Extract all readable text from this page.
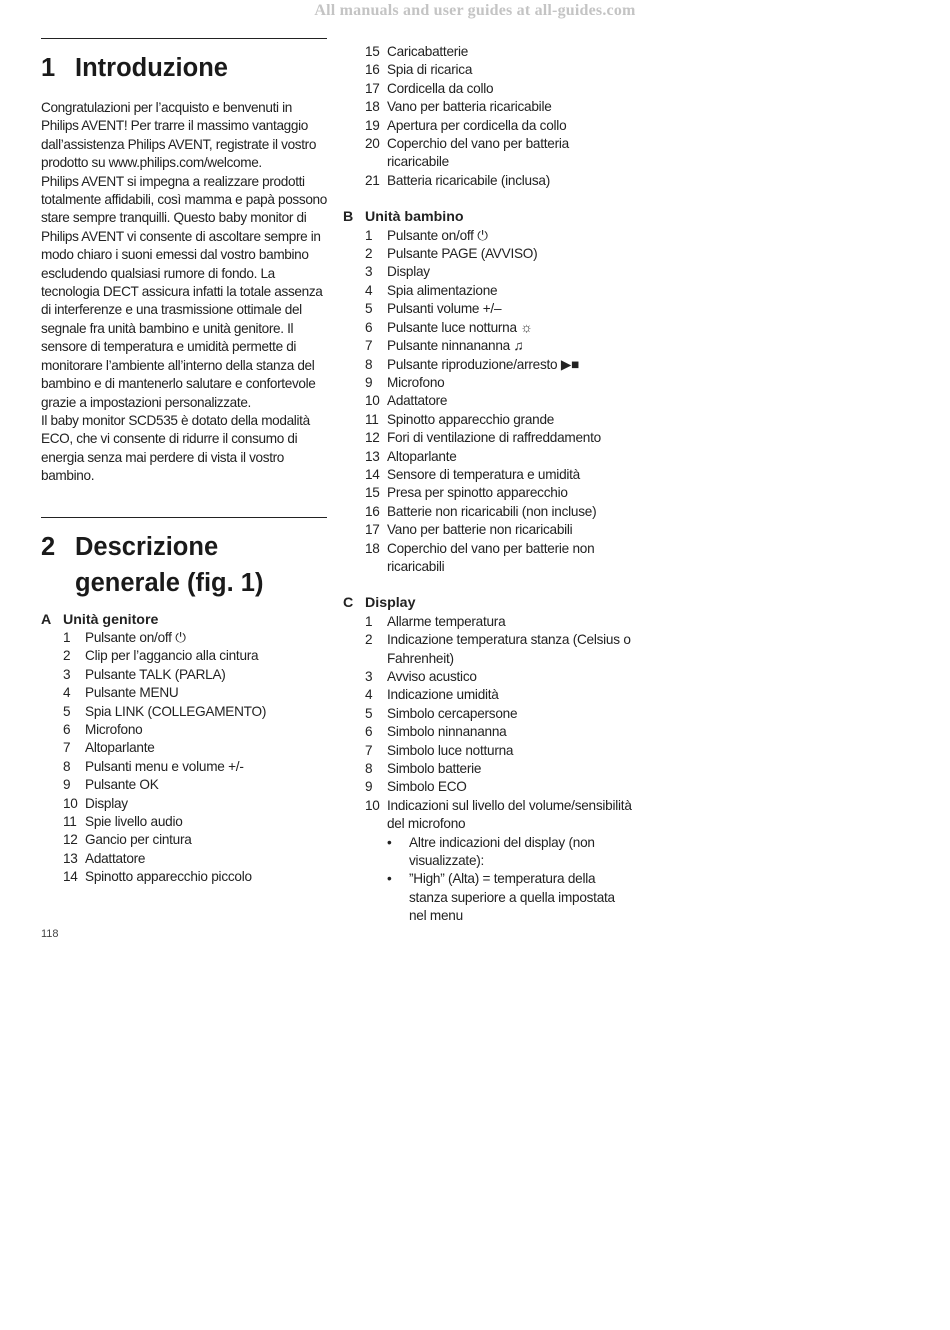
All manuals and user guides at all-guides.com
1 Introduzione

Congratulazioni per l’acquisto e benvenuti in Philips AVENT! Per trarre il massimo vantaggio dall’assistenza Philips AVENT, registrate il vostro prodotto su www.philips.com/welcome.

Philips AVENT si impegna a realizzare prodotti totalmente affidabili, così mamma e papà possono stare sempre tranquilli. Questo baby monitor di Philips AVENT vi consente di ascoltare sempre in modo chiaro i suoni emessi dal vostro bambino escludendo qualsiasi rumore di fondo. La tecnologia DECT assicura infatti la totale assenza di interferenze e una trasmissione ottimale del segnale fra unità bambino e unità genitore. Il sensore di temperatura e umidità permette di monitorare l’ambiente all’interno della stanza del bambino e di mantenerlo salutare e confortevole grazie a impostazioni personalizzate.

Il baby monitor SCD535 è dotato della modalità ECO, che vi consente di ridurre il consumo di energia senza mai perdere di vista il vostro bambino.

2 Descrizione generale (fig. 1)
A Unità genitore
1	Pulsante on/off ⏻
2	Clip per l’aggancio alla cintura
3	Pulsante TALK (PARLA)
4	Pulsante MENU
5	Spia LINK (COLLEGAMENTO)
6	Microfono
7	Altoparlante
8	Pulsanti menu e volume +/-
9	Pulsante OK
10 Display
11 Spie livello audio
12 Gancio per cintura
13 Adattatore
14 Spinotto apparecchio piccolo
15 Caricabatterie
16 Spia di ricarica
17 Cordicella da collo
18 Vano per batteria ricaricabile
19 Apertura per cordicella da collo
20 Coperchio del vano per batteria ricaricabile
21 Batteria ricaricabile (inclusa)
B Unità bambino
1	Pulsante on/off ⏻
2	Pulsante PAGE (AVVISO)
3	Display
4	Spia alimentazione
5	Pulsanti volume +/–
6	Pulsante luce notturna ☼
7	Pulsante ninnananna ♫
8	Pulsante riproduzione/arresto ▶■
9	Microfono
10 Adattatore
11 Spinotto apparecchio grande
12 Fori di ventilazione di raffreddamento
13 Altoparlante
14 Sensore di temperatura e umidità
15 Presa per spinotto apparecchio
16 Batterie non ricaricabili (non incluse)
17 Vano per batterie non ricaricabili
18 Coperchio del vano per batterie non ricaricabili
C Display
1	Allarme temperatura
2	Indicazione temperatura stanza (Celsius o Fahrenheit)
3	Avviso acustico
4	Indicazione umidità
5	Simbolo cercapersone
6	Simbolo ninnananna
7	Simbolo luce notturna
8	Simbolo batterie
9	Simbolo ECO
10 Indicazioni sul livello del volume/sensibilità del microfono
•	Altre indicazioni del display (non visualizzate):
•	”High” (Alta) = temperatura della stanza superiore a quella impostata nel menu
118
